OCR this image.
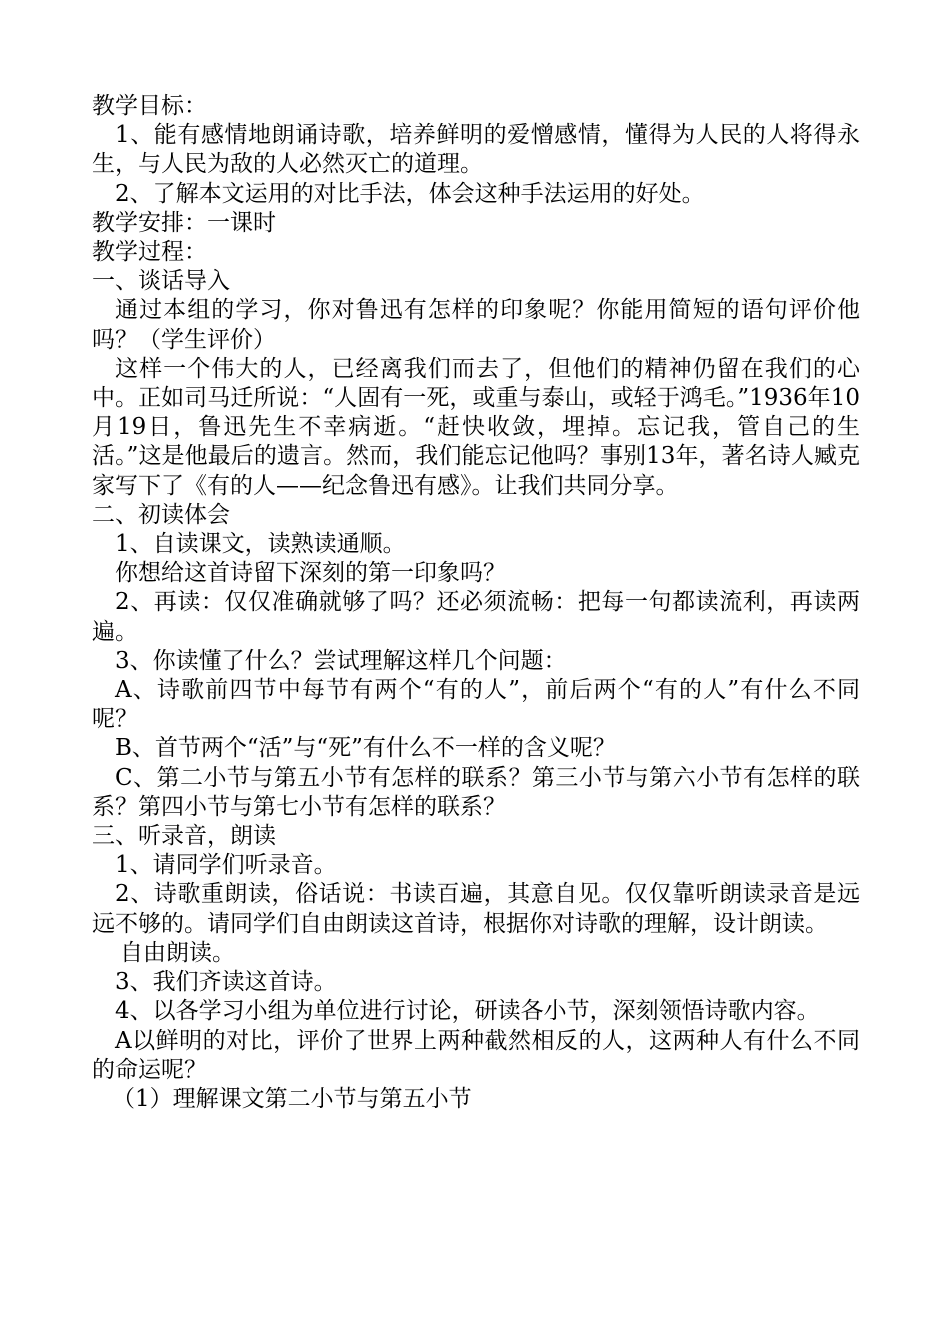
教学目标：

1、能有感情地朗诵诗歌，培养鲜明的爱憎感情，懂得为人民的人将得永生，与人民为敌的人必然灭亡的道理。

2、了解本文运用的对比手法，体会这种手法运用的好处。

教学安排：一课时

教学过程：

一、谈话导入

通过本组的学习，你对鲁迅有怎样的印象呢？你能用简短的语句评价他吗？（学生评价）

这样一个伟大的人，已经离我们而去了，但他们的精神仍留在我们的心中。正如司马迁所说：“人固有一死，或重与泰山，或轻于鸿毛。”1936年10月19日，鲁迅先生不幸病逝。“赶快收敛，埋掉。忘记我，管自己的生活。”这是他最后的遗言。然而，我们能忘记他吗？事别13年，著名诗人臧克家写下了《有的人——纪念鲁迅有感》。让我们共同分享。

二、初读体会

1、自读课文，读熟读通顺。

你想给这首诗留下深刻的第一印象吗？

2、再读：仅仅准确就够了吗？还必须流畅：把每一句都读流利，再读两遍。

3、你读懂了什么？尝试理解这样几个问题：

A、诗歌前四节中每节有两个“有的人”，前后两个“有的人”有什么不同呢？

B、首节两个“活”与“死”有什么不一样的含义呢？

C、第二小节与第五小节有怎样的联系？第三小节与第六小节有怎样的联系？第四小节与第七小节有怎样的联系？

三、听录音，朗读

1、请同学们听录音。

2、诗歌重朗读，俗话说：书读百遍，其意自见。仅仅靠听朗读录音是远远不够的。请同学们自由朗读这首诗，根据你对诗歌的理解，设计朗读。

自由朗读。

3、我们齐读这首诗。

4、以各学习小组为单位进行讨论，研读各小节，深刻领悟诗歌内容。

A以鲜明的对比，评价了世界上两种截然相反的人，这两种人有什么不同的命运呢？

（1）理解课文第二小节与第五小节
